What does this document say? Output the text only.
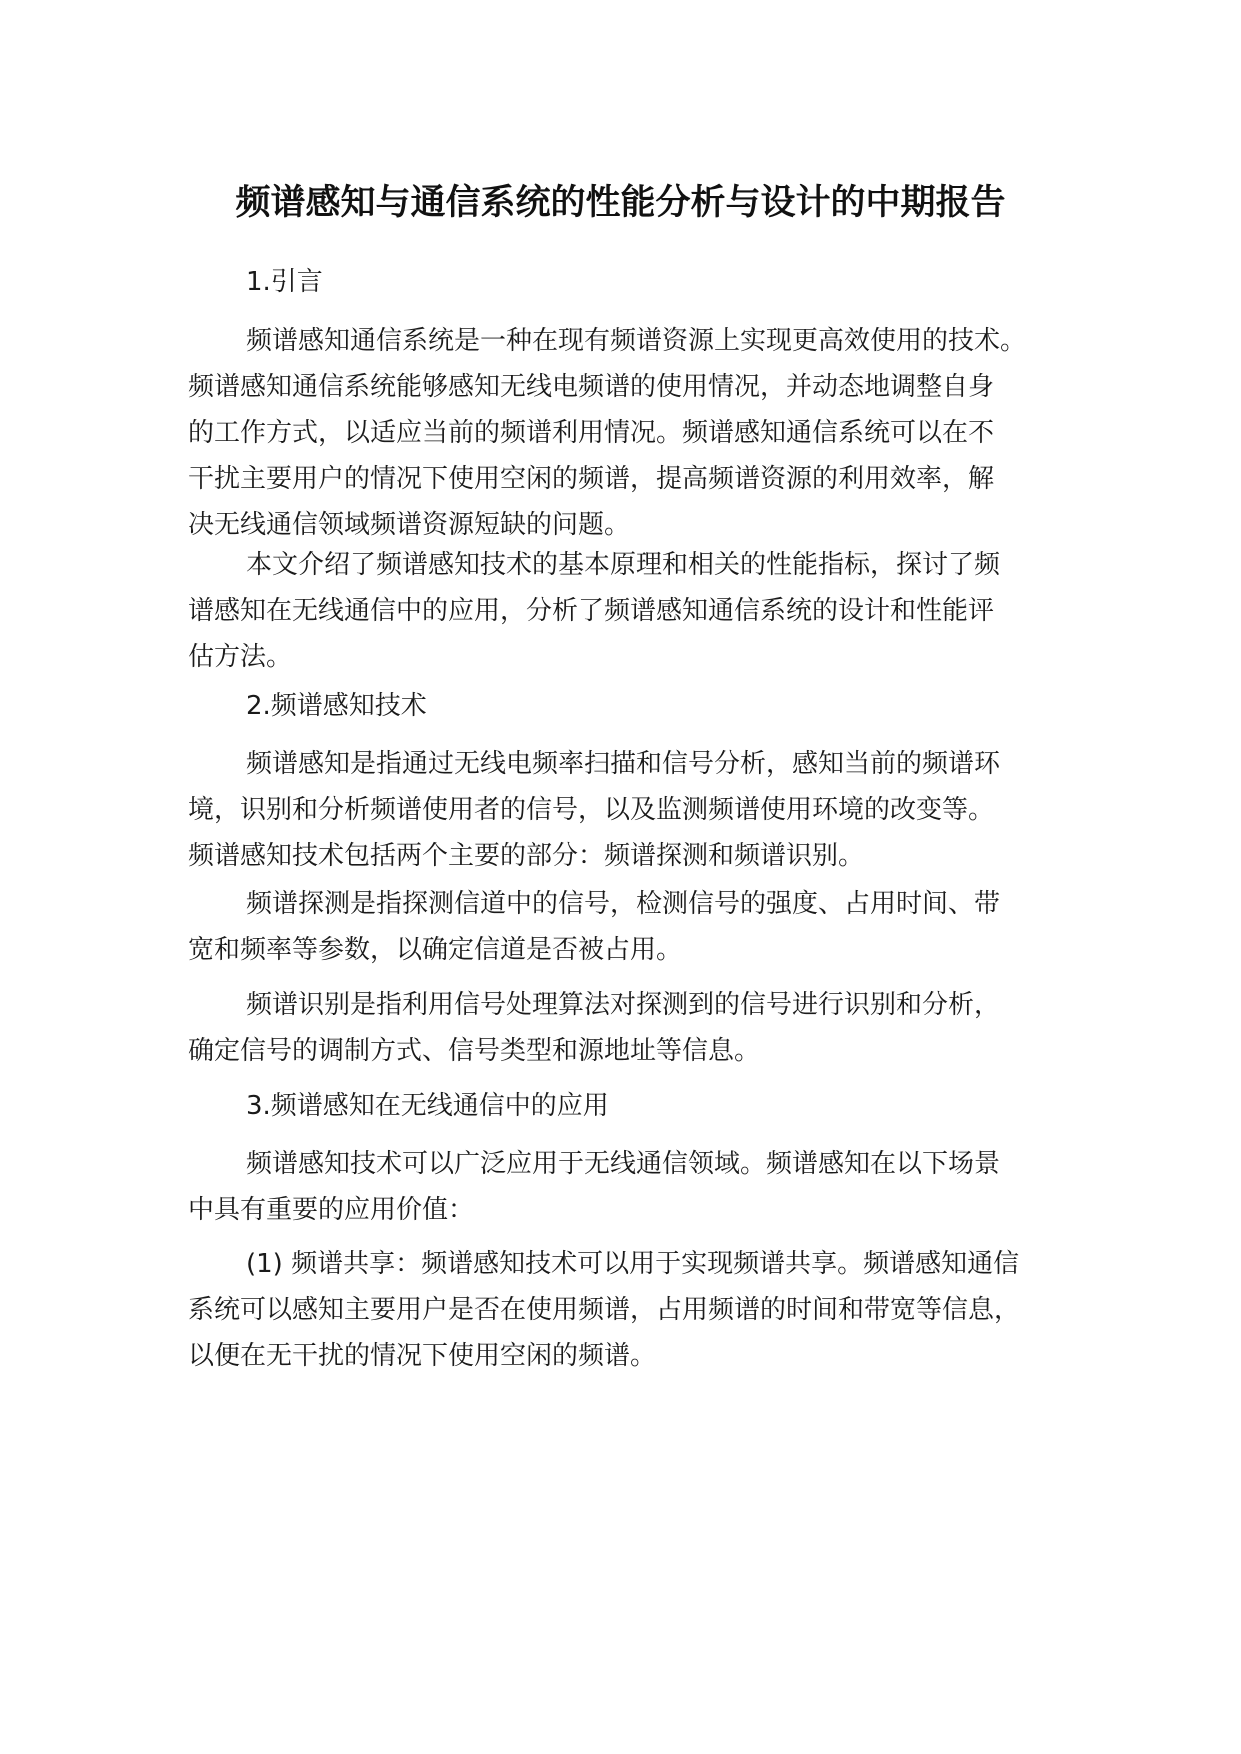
频谱感知与通信系统的性能分析与设计的中期报告
1.引言
频谱感知通信系统是一种在现有频谱资源上实现更高效使用的技术。
频谱感知通信系统能够感知无线电频谱的使用情况，并动态地调整自身
的工作方式，以适应当前的频谱利用情况。频谱感知通信系统可以在不
干扰主要用户的情况下使用空闲的频谱，提高频谱资源的利用效率，解
决无线通信领域频谱资源短缺的问题。
本文介绍了频谱感知技术的基本原理和相关的性能指标，探讨了频
谱感知在无线通信中的应用，分析了频谱感知通信系统的设计和性能评
估方法。
2.频谱感知技术
频谱感知是指通过无线电频率扫描和信号分析，感知当前的频谱环
境，识别和分析频谱使用者的信号，以及监测频谱使用环境的改变等。
频谱感知技术包括两个主要的部分：频谱探测和频谱识别。
频谱探测是指探测信道中的信号，检测信号的强度、占用时间、带
宽和频率等参数，以确定信道是否被占用。
频谱识别是指利用信号处理算法对探测到的信号进行识别和分析，
确定信号的调制方式、信号类型和源地址等信息。
3.频谱感知在无线通信中的应用
频谱感知技术可以广泛应用于无线通信领域。频谱感知在以下场景
中具有重要的应用价值：
(1) 频谱共享：频谱感知技术可以用于实现频谱共享。频谱感知通信
系统可以感知主要用户是否在使用频谱，占用频谱的时间和带宽等信息，
以便在无干扰的情况下使用空闲的频谱。
